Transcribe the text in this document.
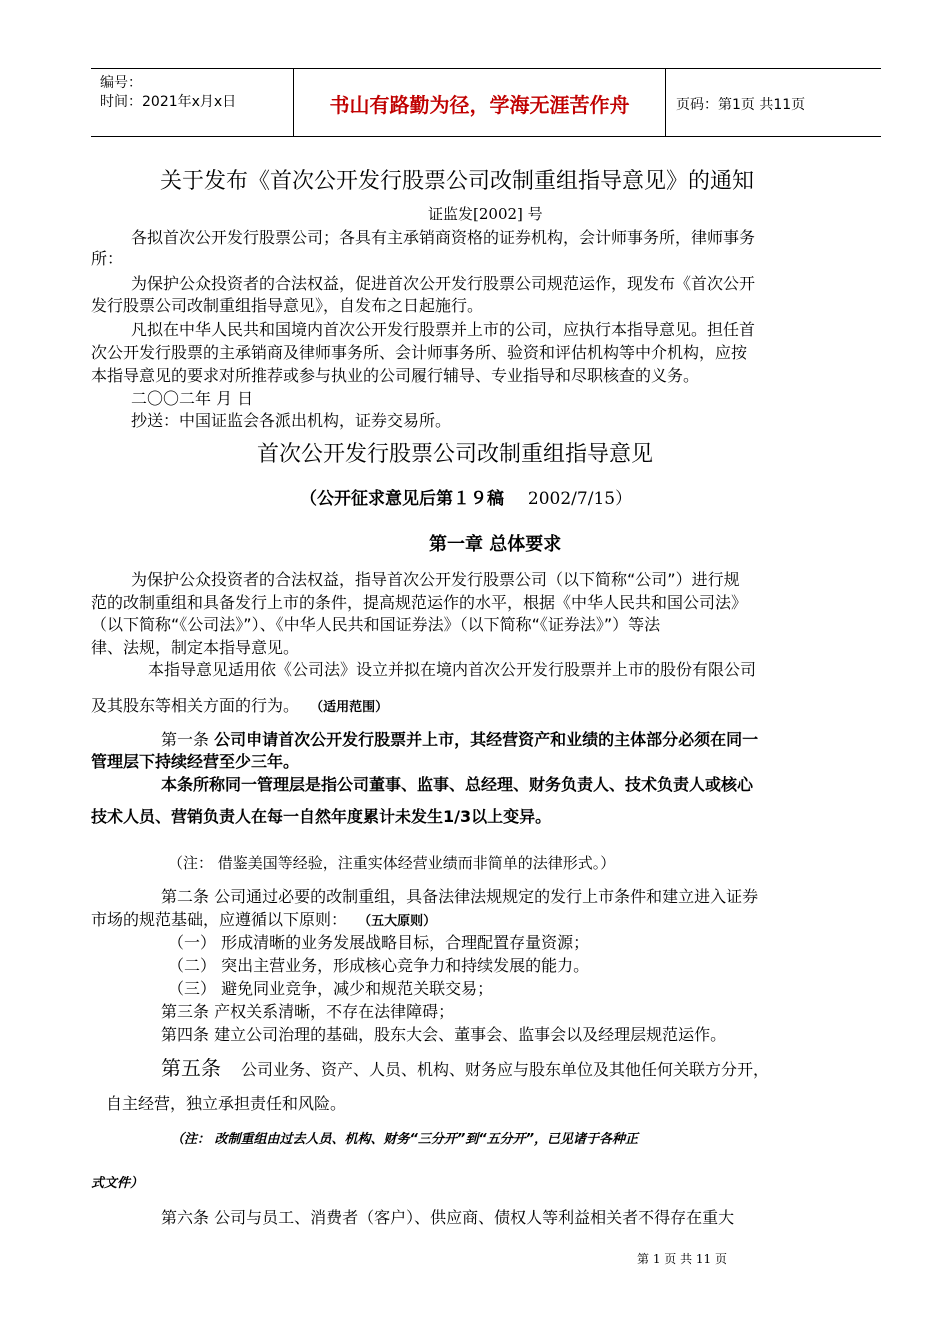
编号：
时间：2021年x月x日	书山有路勤为径，学海无涯苦作舟	页码：第1页 共11页
关于发布《首次公开发行股票公司改制重组指导意见》的通知
证监发[2002] 号
各拟首次公开发行股票公司；各具有主承销商资格的证券机构，会计师事务所，律师事务
所：
为保护公众投资者的合法权益，促进首次公开发行股票公司规范运作，现发布《首次公开
发行股票公司改制重组指导意见》，自发布之日起施行。
凡拟在中华人民共和国境内首次公开发行股票并上市的公司，应执行本指导意见。担任首
次公开发行股票的主承销商及律师事务所、会计师事务所、验资和评估机构等中介机构，应按
本指导意见的要求对所推荐或参与执业的公司履行辅导、专业指导和尽职核查的义务。
二〇〇二年 月 日
抄送：中国证监会各派出机构，证券交易所。
首次公开发行股票公司改制重组指导意见
（公开征求意见后第１９稿 2002/7/15）
第一章 总体要求
为保护公众投资者的合法权益，指导首次公开发行股票公司（以下简称“公司”）进行规
范的改制重组和具备发行上市的条件，提高规范运作的水平，根据《中华人民共和国公司法》
（以下简称“《公司法》”）、《中华人民共和国证券法》（以下简称“《证券法》”）等法
律、法规，制定本指导意见。
本指导意见适用依《公司法》设立并拟在境内首次公开发行股票并上市的股份有限公司
及其股东等相关方面的行为。 （适用范围）
第一条 公司申请首次公开发行股票并上市，其经营资产和业绩的主体部分必须在同一
管理层下持续经营至少三年。
本条所称同一管理层是指公司董事、监事、总经理、财务负责人、技术负责人或核心
技术人员、营销负责人在每一自然年度累计未发生1/3以上变异。
（注： 借鉴美国等经验，注重实体经营业绩而非简单的法律形式。）
第二条 公司通过必要的改制重组，具备法律法规规定的发行上市条件和建立进入证券
市场的规范基础，应遵循以下原则： （五大原则）
（一） 形成清晰的业务发展战略目标，合理配置存量资源；
（二） 突出主营业务，形成核心竞争力和持续发展的能力。
（三） 避免同业竞争，减少和规范关联交易；
第三条 产权关系清晰，不存在法律障碍；
第四条 建立公司治理的基础，股东大会、董事会、监事会以及经理层规范运作。
第五条 公司业务、资产、人员、机构、财务应与股东单位及其他任何关联方分开，
自主经营，独立承担责任和风险。
（注： 改制重组由过去人员、机构、财务“三分开”到“五分开”，已见诸于各种正
式文件）
第六条 公司与员工、消费者（客户）、供应商、债权人等利益相关者不得存在重大
第 1 页 共 11 页
